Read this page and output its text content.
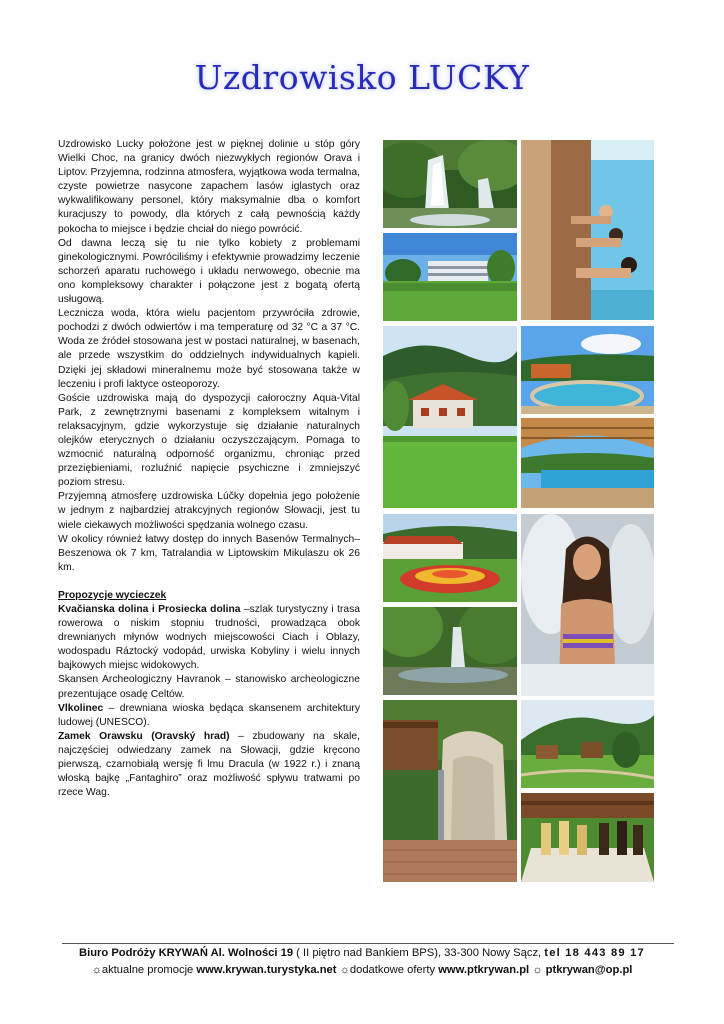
Uzdrowisko LUCKY

Uzdrowisko Lucky położone jest w pięknej dolinie u stóp góry Wielki Choc, na granicy dwóch niezwykłych regionów Orava i Liptov. Przyjemna, rodzinna atmosfera, wyjątkowa woda termalna, czyste powietrze nasycone zapachem lasów iglastych oraz wykwalifikowany personel, który maksymalnie dba o komfort kuracjuszy to powody, dla których z całą pewnością każdy pokocha to miejsce i będzie chciał do niego powrócić.

Od dawna leczą się tu nie tylko kobiety z problemami ginekologicznymi. Powróciliśmy i efektywnie prowadzimy leczenie schorzeń aparatu ruchowego i układu nerwowego, obecnie ma ono kompleksowy charakter i połączone jest z bogatą ofertą usługową.

Lecznicza woda, która wielu pacjentom przywróciła zdrowie, pochodzi z dwóch odwiertów i ma temperaturę od 32 °C a 37 °C. Woda ze źródeł stosowana jest w postaci naturalnej, w basenach, ale przede wszystkim do oddzielnych indywidualnych kąpieli. Dzięki jej składowi mineralnemu może być stosowana także w leczeniu i profi laktyce osteoporozy.

Goście uzdrowiska mają do dyspozycji całoroczny Aqua-Vital Park, z zewnętrznymi basenami z kompleksem witalnym i relaksacyjnym, gdzie wykorzystuje się działanie naturalnych olejków eterycznych o działaniu oczyszczającym. Pomaga to wzmocnić naturalną odporność organizmu, chroniąc przed przeziębieniami, rozluźnić napięcie psychiczne i zmniejszyć poziom stresu.

Przyjemną atmosferę uzdrowiska Lúčky dopełnia jego położenie w jednym z najbardziej atrakcyjnych regionów Słowacji, jest tu wiele ciekawych możliwości spędzania wolnego czasu.

W okolicy również łatwy dostęp do innych Basenów Termalnych– Beszenowa ok 7 km, Tatralandia w Liptowskim Mikulaszu ok 26 km.

Propozycje wycieczek

Kvačianska dolina i Prosiecka dolina –szlak turystyczny i trasa rowerowa o niskim stopniu trudności, prowadząca obok drewnianych młynów wodnych miejscowości Ciach i Oblazy, wodospadu Ráztocký vodopád, urwiska Kobyliny i wielu innych bajkowych miejsc widokowych.

Skansen Archeologiczny Havranok – stanowisko archeologiczne prezentujące osadę Celtów.

Vlkolinec – drewniana wioska będąca skansenem architektury ludowej (UNESCO).

Zamek Orawsku (Oravský hrad) – zbudowany na skale, najczęściej odwiedzany zamek na Słowacji, gdzie kręcono pierwszą, czarnobiałą wersję fi lmu Dracula (w 1922 r.) i znaną włoską bajkę „Fantaghiro” oraz możliwość spływu tratwami po rzece Wag.

Biuro Podróży KRYWAŃ Al. Wolności 19 ( II piętro nad Bankiem BPS), 33-300 Nowy Sącz, tel 18 443 89 17
☼aktualne promocje www.krywan.turystyka.net ☼dodatkowe oferty www.ptkrywan.pl ☼ ptkrywan@op.pl
